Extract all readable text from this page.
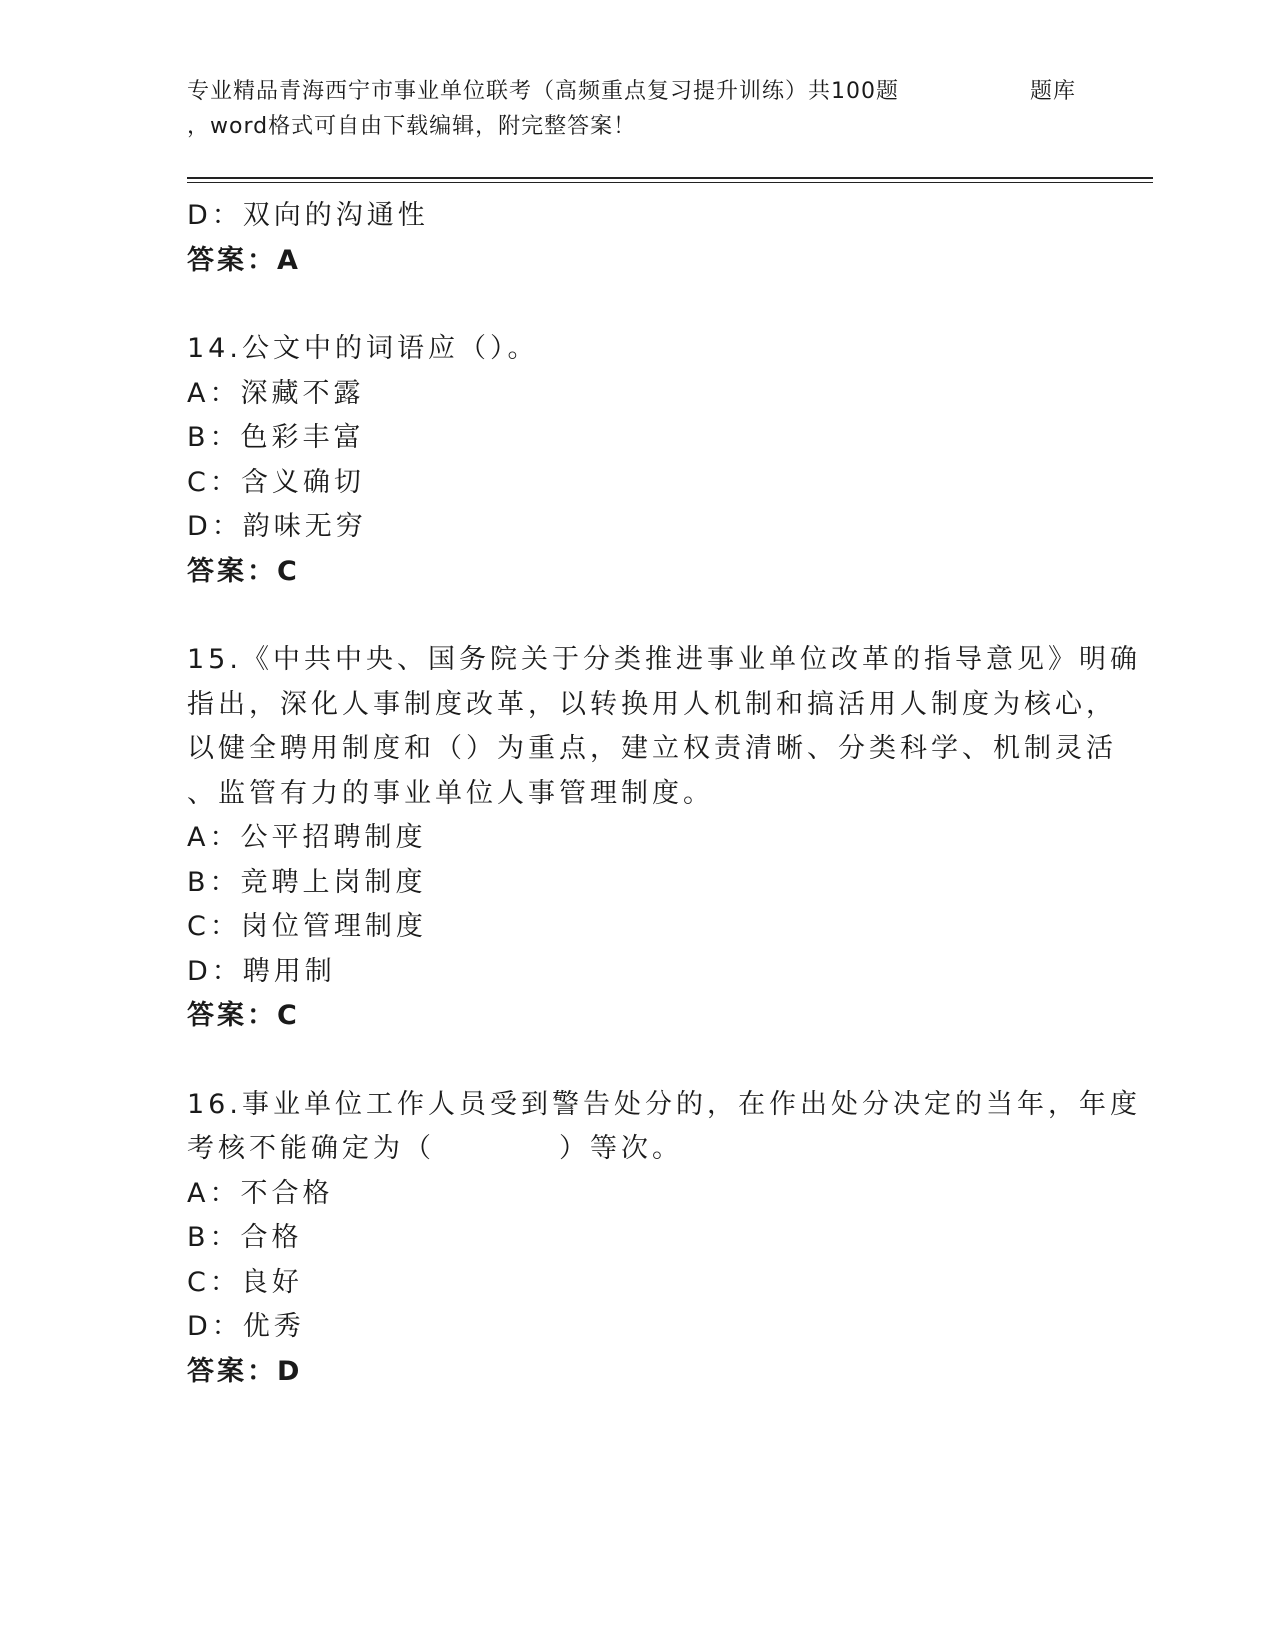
专业精品青海西宁市事业单位联考（高频重点复习提升训练）共100题	题库
，word格式可自由下载编辑，附完整答案！
D：双向的沟通性
答案：A
14.公文中的词语应（）。
A：深藏不露
B：色彩丰富
C：含义确切
D：韵味无穷
答案：C
15.《中共中央、国务院关于分类推进事业单位改革的指导意见》明确
指出，深化人事制度改革，以转换用人机制和搞活用人制度为核心，
以健全聘用制度和（）为重点，建立权责清晰、分类科学、机制灵活
、监管有力的事业单位人事管理制度。
A：公平招聘制度
B：竞聘上岗制度
C：岗位管理制度
D：聘用制
答案：C
16.事业单位工作人员受到警告处分的，在作出处分决定的当年，年度
考核不能确定为（　　　　）等次。
A：不合格
B：合格
C：良好
D：优秀
答案：D
